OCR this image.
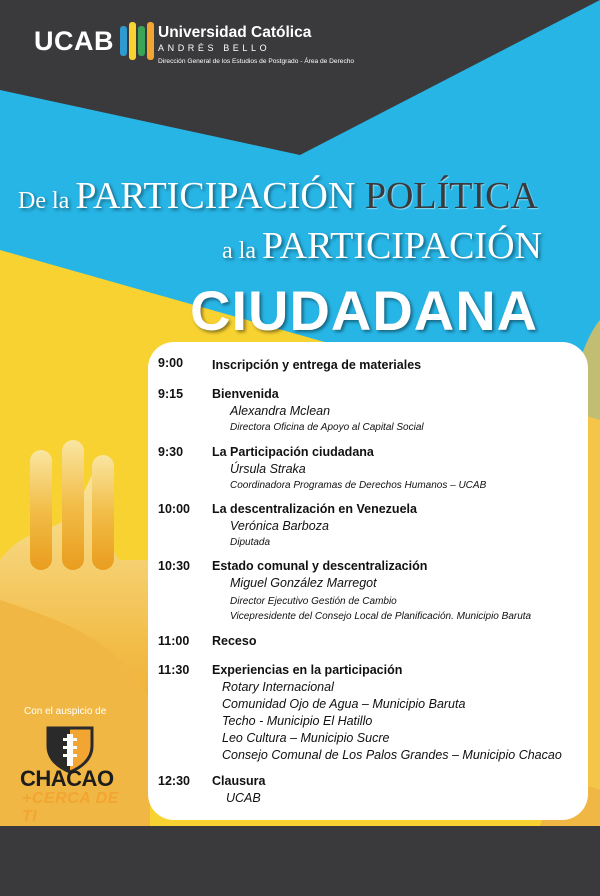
UCAB	Universidad Católica
ANDRÉS BELLO
Dirección General de los Estudios de Postgrado - Área de Derecho
De la PARTICIPACIÓN POLÍTICA
a la PARTICIPACIÓN
CIUDADANA
9:00 Inscripción y entrega de materiales
9:15 Bienvenida
Alexandra Mclean
Directora Oficina de Apoyo al Capital Social
9:30 La Participación ciudadana
Úrsula Straka
Coordinadora Programas de Derechos Humanos – UCAB
10:00 La descentralización en Venezuela
Verónica Barboza
Diputada
10:30 Estado comunal y descentralización
Miguel González Marregot
Director Ejecutivo Gestión de Cambio
Vicepresidente del Consejo Local de Planificación. Municipio Baruta
11:00 Receso
11:30 Experiencias en la participación
Rotary Internacional
Comunidad Ojo de Agua – Municipio Baruta
Techo - Municipio El Hatillo
Leo Cultura – Municipio Sucre
Consejo Comunal de Los Palos Grandes – Municipio Chacao
12:30 Clausura
UCAB
Con el auspicio de
CHACAO
+CERCA DE TI
